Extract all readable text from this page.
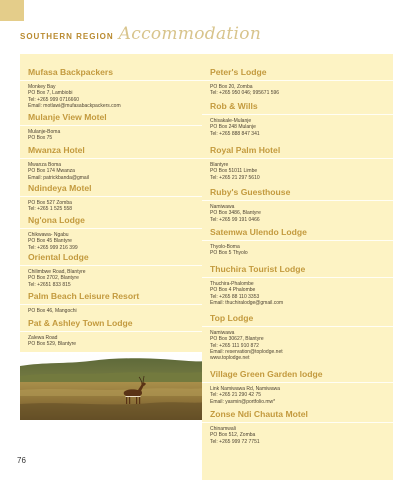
SOUTHERN REGION Accommodation
Mufasa Backpackers
Monkey Bay
PO Box 7, Lambiobi
Tel: +265 999 0716660
Email: motlawi@mufasabackpackers.com
Mulanje View Motel
Mulanje-Boma
PO Box 75
Mwanza Hotel
Mwanza Boma
PO Box 174 Mwanza
Email: patrickbanda@gmail
Ndindeya Motel
PO Box 527 Zomba
Tel: +265 1 525 558
Ng'ona Lodge
Chikwawa- Ngabu
PO Box 45 Blantyre
Tel: +265 999 216 399
Oriental Lodge
Chilimbwe Road, Blantyre
PO Box 2702, Blantyre
Tel: +2651 833 815
Palm Beach Leisure Resort
PO Box 46, Mangochi
Pat & Ashley Town Lodge
Zalewa Road
PO Box 529, Blantyre
Peter's Lodge
PO Box 20, Zomba
Tel: +265 950 046; 995671 596
Rob & Wills
Chisakale-Mulanje
PO Box 248 Mulanje
Tel: +265 888 847 341
Royal Palm Hotel
Blantyre
PO Box 51011 Limbe
Tel: +265 21 297 5610
Ruby's Guesthouse
Namiwawa
PO Box 3486, Blantyre
Tel: +265 99 191 0466
Satemwa Ulendo Lodge
Thyolo-Boma
PO Box 5 Thyolo
Thuchira Tourist Lodge
Thuchira-Phalombe
PO Box 4 Phalombe
Tel: +265 88 110 3353
Email: thuchiralodge@gmail.com
Top Lodge
Namiwawa
PO Box 30627, Blantyre
Tel: +265 111 910 872
Email: reservation@toplodge.net
www.toplodge.net
Village Green Garden lodge
Link Namiwawa Rd, Namiwawa
Tel: +265 21 290 42 75
Email: yasmin@portfolio.mw*
Zonse Ndi Chauta Motel
Chinamwali
PO Box 512, Zomba
Tel: +265 999 72 7751
76
